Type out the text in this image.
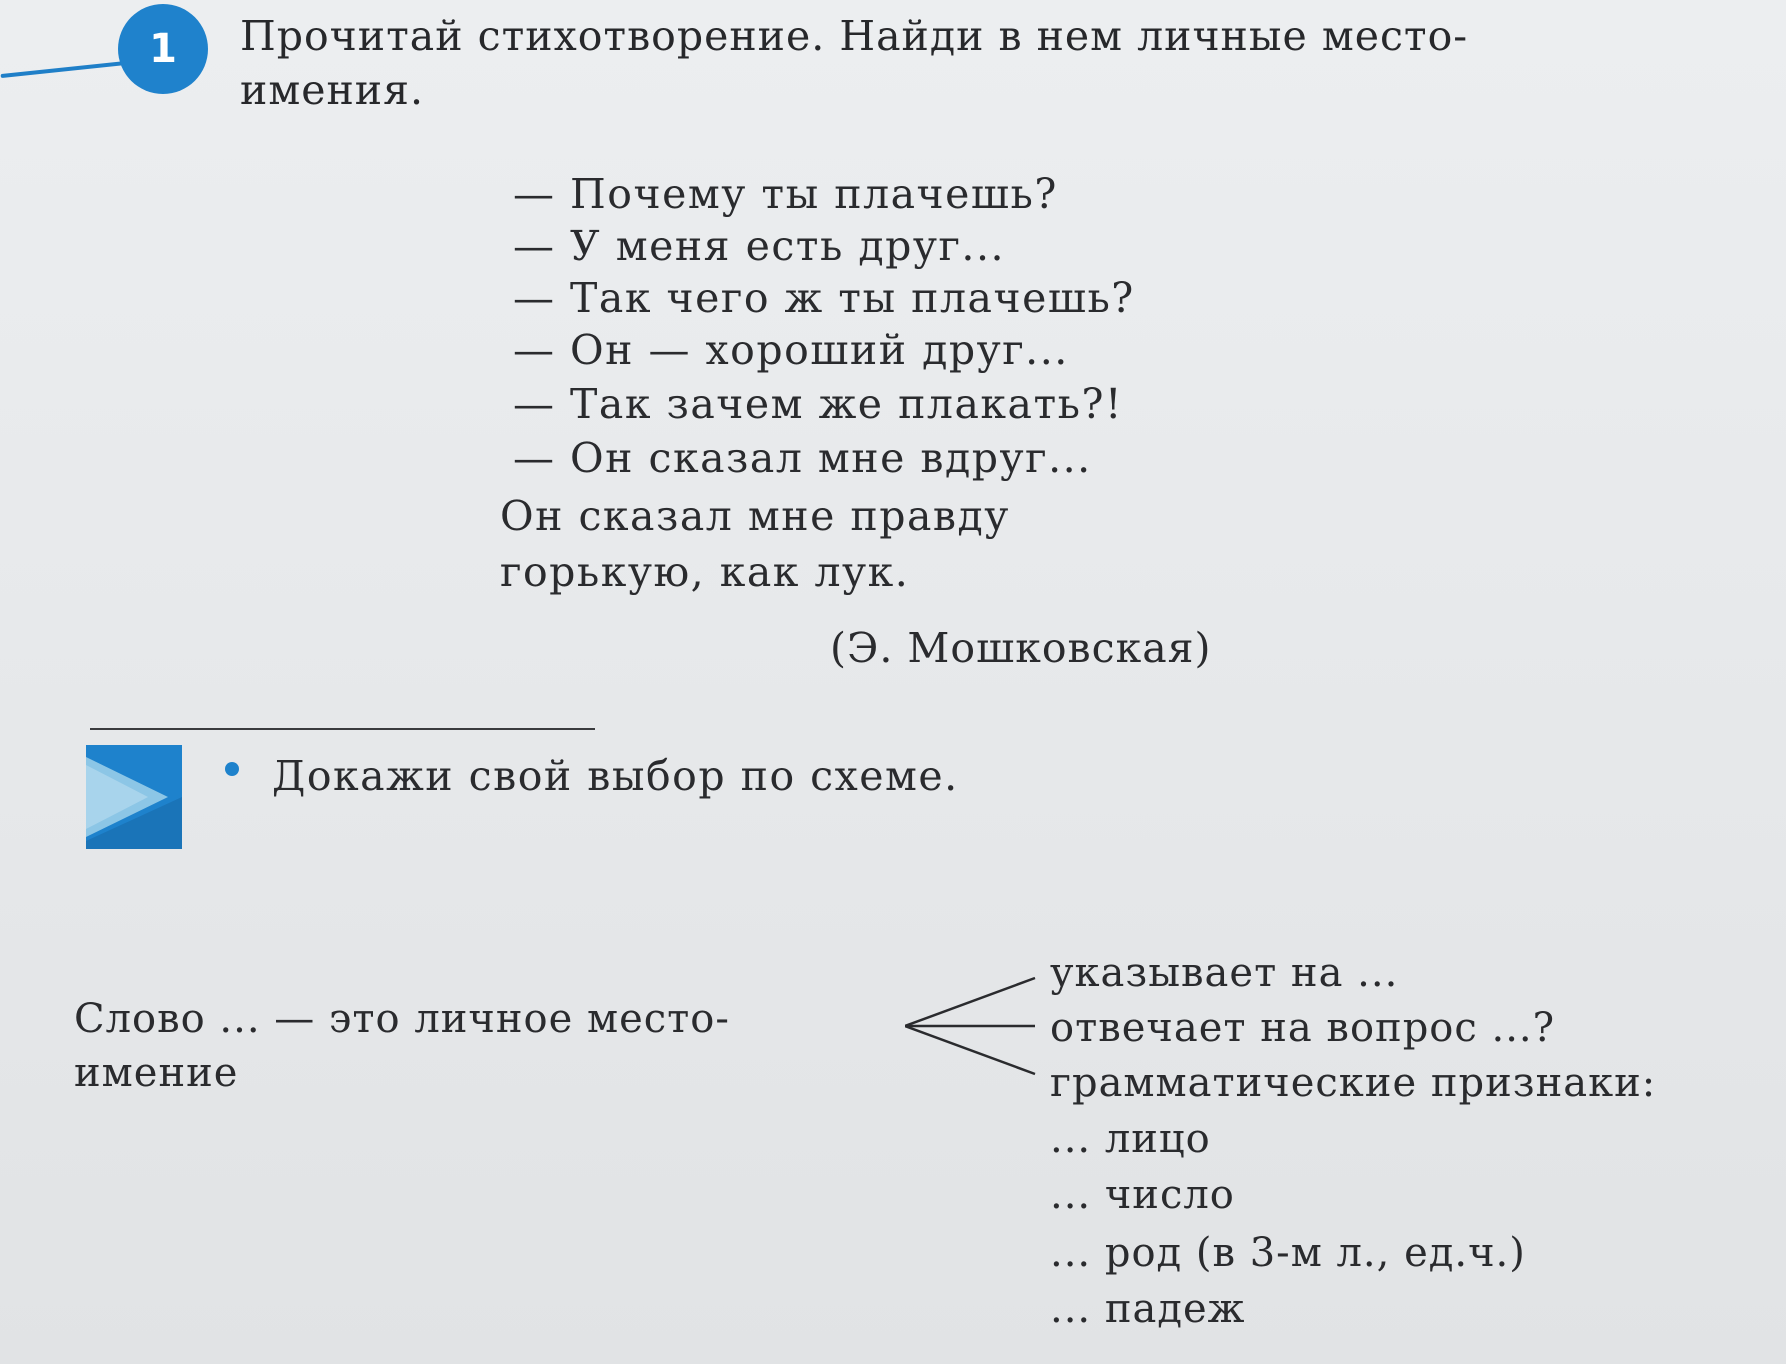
1 Прочитай стихотворение. Найди в нем личные место-

имения.

— Почему ты плачешь?

— У меня есть друг...

— Так чего ж ты плачешь?

— Он — хороший друг...

— Так зачем же плакать?!

— Он сказал мне вдруг...

Он сказал мне правду

горькую, как лук.

(Э. Мошковская)

Докажи свой выбор по схеме.

Слово ... — это личное место-

имение

указывает на ...

отвечает на вопрос ...?

грамматические признаки:

... лицо

... число

... род (в 3-м л., ед.ч.)

... падеж
